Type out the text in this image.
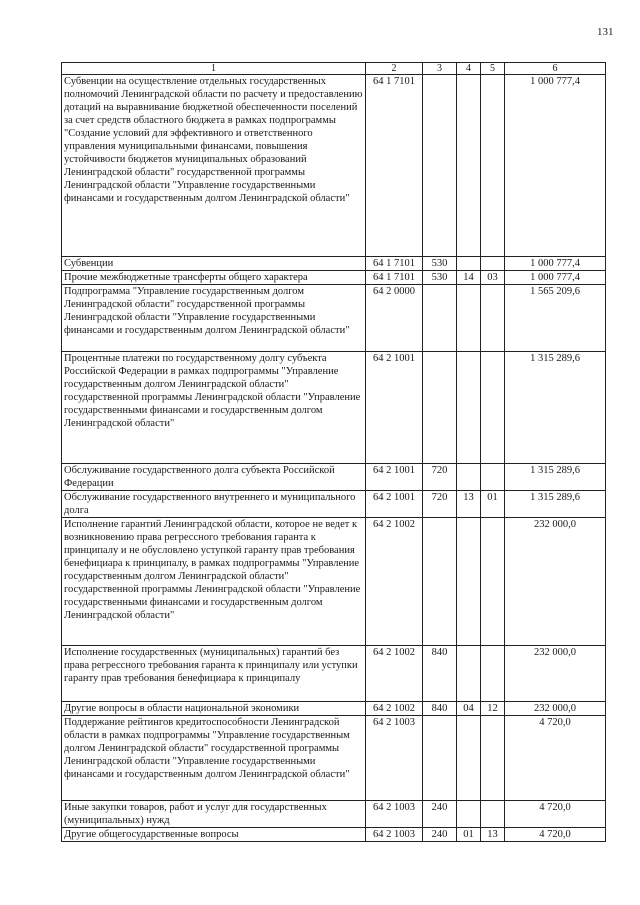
131
1	2	3	4	5	6
Субвенции на осуществление отдельных государственных полномочий Ленинградской области по расчету и предоставлению дотаций на выравнивание бюджетной обеспеченности поселений за счет средств областного бюджета в рамках подпрограммы "Создание условий для эффективного и ответственного управления муниципальными финансами, повышения устойчивости бюджетов муниципальных образований Ленинградской области" государственной программы Ленинградской области "Управление государственными финансами и государственным долгом Ленинградской области"	64 1 7101				1 000 777,4
Субвенции	64 1 7101	530			1 000 777,4
Прочие межбюджетные трансферты общего характера	64 1 7101	530	14	03	1 000 777,4
Подпрограмма "Управление государственным долгом Ленинградской области" государственной программы Ленинградской области "Управление государственными финансами и государственным долгом Ленинградской области"	64 2 0000				1 565 209,6
Процентные платежи по государственному долгу субъекта Российской Федерации в рамках подпрограммы "Управление государственным долгом Ленинградской области" государственной программы Ленинградской области "Управление государственными финансами и государственным долгом Ленинградской области"	64 2 1001				1 315 289,6
Обслуживание государственного долга субъекта Российской Федерации	64 2 1001	720			1 315 289,6
Обслуживание государственного внутреннего и муниципального долга	64 2 1001	720	13	01	1 315 289,6
Исполнение гарантий Ленинградской области, которое не ведет к возникновению права регрессного требования гаранта к принципалу и не обусловлено уступкой гаранту прав требования бенефициара к принципалу, в рамках подпрограммы "Управление государственным долгом Ленинградской области" государственной программы Ленинградской области "Управление государственными финансами и государственным долгом Ленинградской области"	64 2 1002				232 000,0
Исполнение государственных (муниципальных) гарантий без права регрессного требования гаранта к принципалу или уступки гаранту прав требования бенефициара к принципалу	64 2 1002	840			232 000,0
Другие вопросы в области национальной экономики	64 2 1002	840	04	12	232 000,0
Поддержание рейтингов кредитоспособности Ленинградской области в рамках подпрограммы "Управление государственным долгом Ленинградской области" государственной программы Ленинградской области "Управление государственными финансами и государственным долгом Ленинградской области"	64 2 1003				4 720,0
Иные закупки товаров, работ и услуг для государственных (муниципальных) нужд	64 2 1003	240			4 720,0
Другие общегосударственные вопросы	64 2 1003	240	01	13	4 720,0
